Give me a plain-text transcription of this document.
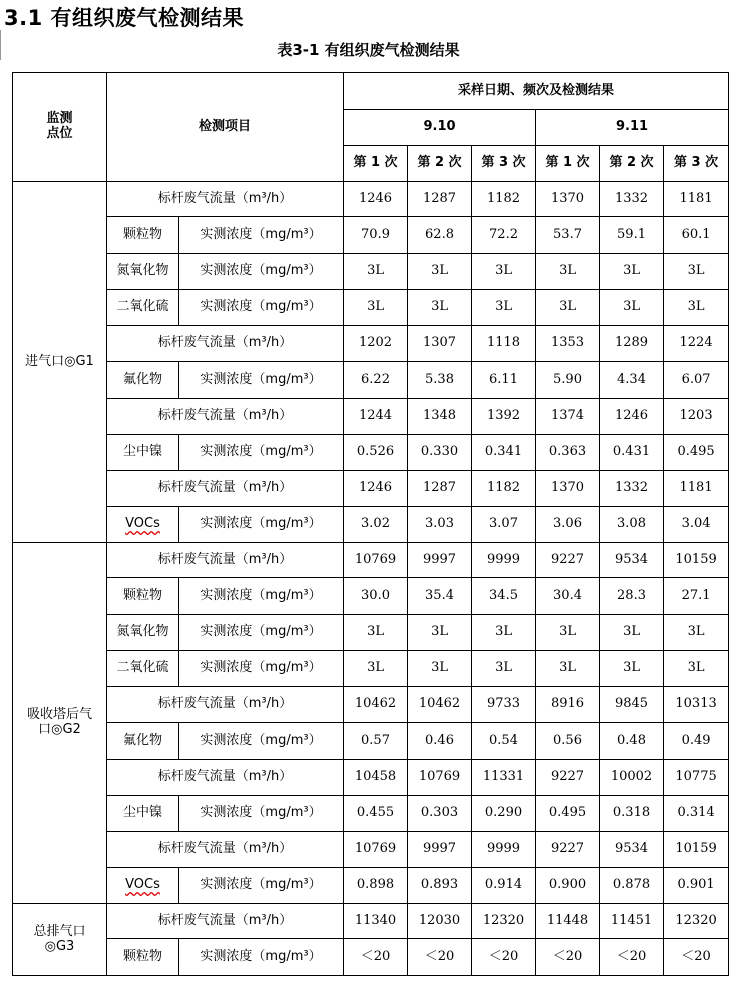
3.1 有组织废气检测结果
表3-1 有组织废气检测结果
监测
点位	检测项目		采样日期、频次及检测结果					
			9.10			9.11		
			第 1 次	第 2 次	第 3 次	第 1 次	第 2 次	第 3 次
进气口◎G1	标杆废气流量（m³/h）		1246	1287	1182	1370	1332	1181
	颗粒物	实测浓度（mg/m³）	70.9	62.8	72.2	53.7	59.1	60.1
	氮氧化物	实测浓度（mg/m³）	3L	3L	3L	3L	3L	3L
	二氧化硫	实测浓度（mg/m³）	3L	3L	3L	3L	3L	3L
	标杆废气流量（m³/h）		1202	1307	1118	1353	1289	1224
	氟化物	实测浓度（mg/m³）	6.22	5.38	6.11	5.90	4.34	6.07
	标杆废气流量（m³/h）		1244	1348	1392	1374	1246	1203
	尘中镍	实测浓度（mg/m³）	0.526	0.330	0.341	0.363	0.431	0.495
	标杆废气流量（m³/h）		1246	1287	1182	1370	1332	1181
	VOCs	实测浓度（mg/m³）	3.02	3.03	3.07	3.06	3.08	3.04
吸收塔后气
口◎G2	标杆废气流量（m³/h）		10769	9997	9999	9227	9534	10159
	颗粒物	实测浓度（mg/m³）	30.0	35.4	34.5	30.4	28.3	27.1
	氮氧化物	实测浓度（mg/m³）	3L	3L	3L	3L	3L	3L
	二氧化硫	实测浓度（mg/m³）	3L	3L	3L	3L	3L	3L
	标杆废气流量（m³/h）		10462	10462	9733	8916	9845	10313
	氟化物	实测浓度（mg/m³）	0.57	0.46	0.54	0.56	0.48	0.49
	标杆废气流量（m³/h）		10458	10769	11331	9227	10002	10775
	尘中镍	实测浓度（mg/m³）	0.455	0.303	0.290	0.495	0.318	0.314
	标杆废气流量（m³/h）		10769	9997	9999	9227	9534	10159
	VOCs	实测浓度（mg/m³）	0.898	0.893	0.914	0.900	0.878	0.901
总排气口
◎G3	标杆废气流量（m³/h）		11340	12030	12320	11448	11451	12320
	颗粒物	实测浓度（mg/m³）	＜20	＜20	＜20	＜20	＜20	＜20
